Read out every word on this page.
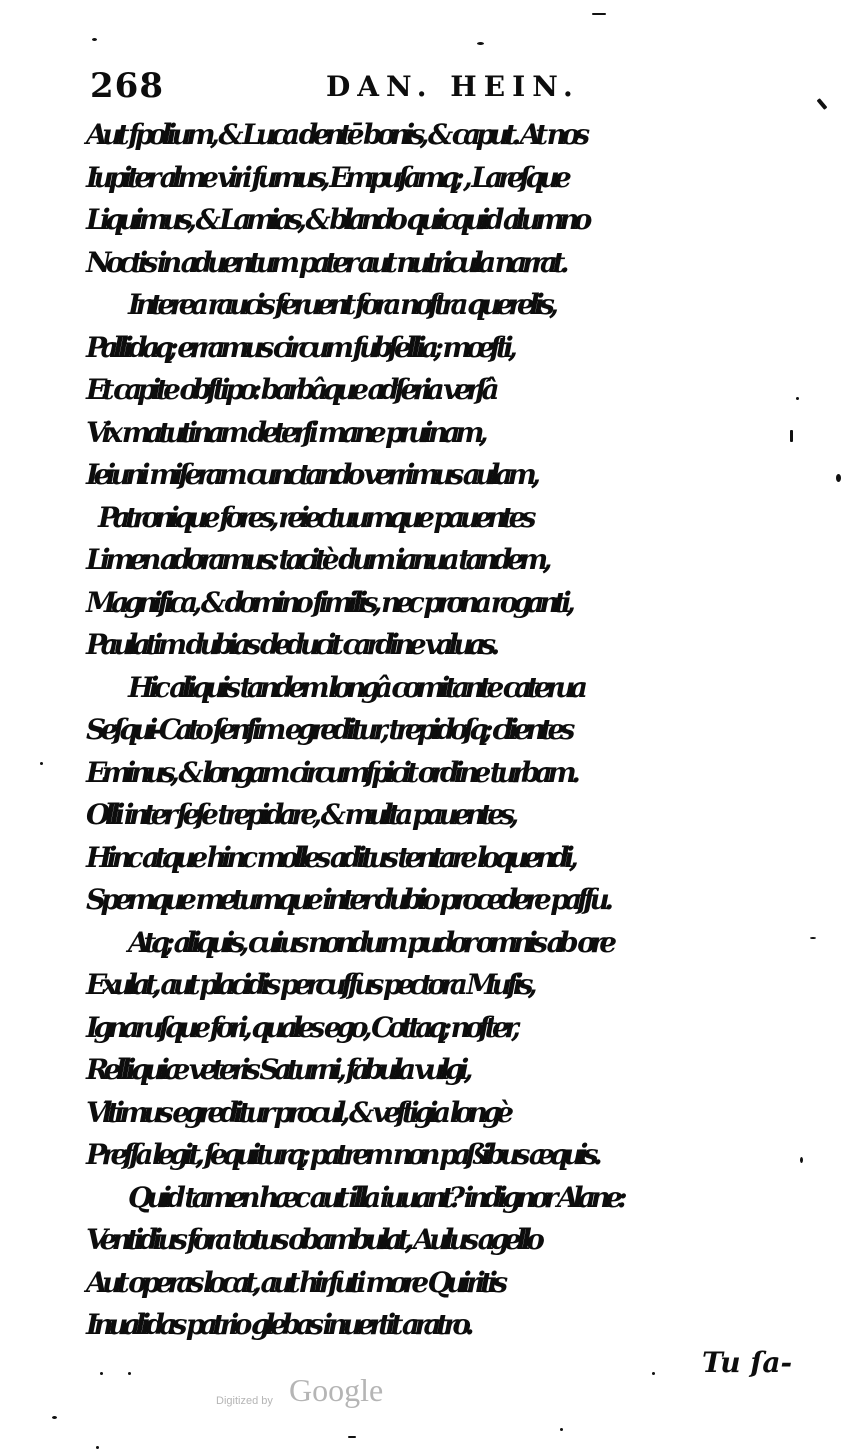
268	DAN. HEIN.
Aut ſpolium, & Luca dentē bonis, & caput. At nos
Iupiter alme viri ſumus, Empuſamq; , Lareſque
Liquimus, & Lamias, & blando quicquid alumno
Noctis in aduentum pater aut nutricula narrat.
Interea raucis feruent fora noſtra querelis,
Pallidaq; erramus circum ſubſellia; mœſti,
Et capite obſtipo: barbâque adſeria verſâ
Vix matutinam deterſi mane pruinam,
Ieiuni miſeram cunctando verrimus aulam,
Patronique fores, reiectuumque pauentes
Limen adoramus: tacitè dum ianua tandem,
Magnifica, & domino ſimilis, nec prona roganti,
Paulatim dubias deducit cardine valuas.
Hic aliquis tandem longâ comitante caterua
Seſqui-Cato ſenſim egreditur, trepidoſq; clientes
Eminus, & longam circumſpicit ordine turbam.
Olli inter ſeſe trepidare, & multa pauentes,
Hinc atque hinc molles aditus tentare loquendi,
Spemque metumque inter dubio procedere paſſu.
Atq; aliquis, cuius nondum pudor omnis ab ore
Exulat, aut placidis percuſſus pectora Muſis,
Ignaruſque fori, quales ego, Cottaq; noſter,
Relliquiæ veteris Saturni, fabula vulgi,
Vltimus egreditur procul, & veſtigia longè
Preſſa legit, ſequiturq; patrem non paßibus æquis.
Quid tamen hæc aut illa iuuant? indignor Alane:
Ventidius fora totus obambulat, Aulus agello
Aut operas locat, aut hirſuti more Quiritis
Inualidas patrio glebas inuertit aratro.
Tu ſa-
Digitized by Google
